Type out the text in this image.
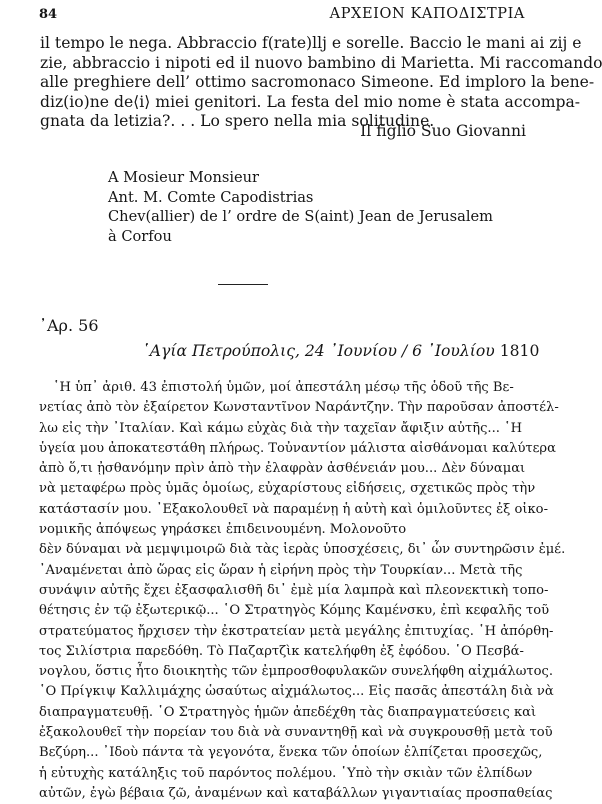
84	ΑΡΧΕΙΟΝ ΚΑΠΟΔΙΣΤΡΙΑ
il tempo le nega. Abbraccio f(rate)llj e sorelle. Baccio le mani ai zij e
zie, abbraccio i nipoti ed il nuovo bambino di Marietta. Mi raccomando
alle preghiere dell’ ottimo sacromonaco Simeone. Ed imploro la bene-
diz(io)ne de⟨i⟩ miei genitori. La festa del mio nome è stata accompa-
gnata da letizia?. . . Lo spero nella mia solitudine.
Il figlio Suo Giovanni
A Mosieur Monsieur
Ant. M. Comte Capodistrias
Chev(allier) de l’ ordre de S(aint) Jean de Jerusalem
à Corfou
᾿Αρ. 56
῾Αγία Πετρούπολις, 24 ᾿Ιουνίου / 6 ᾿Ιουλίου 1810
῾Η ὑπ᾿ ἀριθ. 43 ἐπιστολή ὑμῶν, μοί ἀπεστάλη μέσῳ τῆς ὁδοῦ τῆς Βε-
νετίας ἀπὸ τὸν ἐξαίρετον Κωνσταντῖνον Ναράντζην. Τὴν παροῦσαν ἀποστέλ-
λω εἰς τὴν ᾿Ιταλίαν. Καὶ κάμω εὐχὰς διὰ τὴν ταχεῖαν ἄφιξιν αὐτῆς... ῾Η
ὑγεία μου ἀποκατεστάθη πλήρως. Τοὐναντίον μάλιστα αἰσθάνομαι καλύτερα
ἀπὸ ὅ,τι ᾐσθανόμην πρὶν ἀπὸ τὴν ἐλαφρὰν ἀσθένειάν μου... Δὲν δύναμαι
νὰ μεταφέρω πρὸς ὑμᾶς ὁμοίως, εὐχαρίστους εἰδήσεις, σχετικῶς πρὸς τὴν
κατάστασίν μου. ᾿Εξακολουθεῖ νὰ παραμένῃ ἡ αὐτὴ καὶ ὁμιλοῦντες ἐξ οἰκο-
νομικῆς ἀπόψεως γηράσκει ἐπιδεινουμένη. Μολονοῦτο
δὲν δύναμαι νὰ μεμψιμοιρῶ διὰ τὰς ἱερὰς ὑποσχέσεις, δι᾿ ὧν συντηρῶσιν ἐμέ.
᾿Αναμένεται ἀπὸ ὥρας εἰς ὥραν ἡ εἰρήνη πρὸς τὴν Τουρκίαν... Μετὰ τῆς
συνάψιν αὐτῆς ἔχει ἐξασφαλισθῆ δι᾿ ἐμὲ μία λαμπρὰ καὶ πλεονεκτικὴ τοπο-
θέτησις ἐν τῷ ἐξωτερικῷ... ῾Ο Στρατηγὸς Κόμης Καμένσκυ, ἐπὶ κεφαλῆς τοῦ
στρατεύματος ἤρχισεν τὴν ἐκστρατείαν μετὰ μεγάλης ἐπιτυχίας. ῾Η ἀπόρθη-
τος Σιλίστρια παρεδόθη. Τὸ Παζαρτζὶκ κατελήφθη ἐξ ἐφόδου. ῾Ο Πεσβά-
νογλου, ὅστις ἦτο διοικητὴς τῶν ἐμπροσθοφυλακῶν συνελήφθη αἰχμάλωτος.
῾Ο Πρίγκιψ Καλλιμάχης ὡσαύτως αἰχμάλωτος... Εἰς πασᾶς ἀπεστάλη διὰ νὰ
διαπραγματευθῇ. ῾Ο Στρατηγὸς ἡμῶν ἀπεδέχθη τὰς διαπραγματεύσεις καὶ
ἐξακολουθεῖ τὴν πορείαν του διὰ νὰ συναντηθῇ καὶ νὰ συγκρουσθῇ μετὰ τοῦ
Βεζύρη... ᾿Ιδοὺ πάντα τὰ γεγονότα, ἕνεκα τῶν ὁποίων ἐλπίζεται προσεχῶς,
ἡ εὐτυχὴς κατάληξις τοῦ παρόντος πολέμου. ῾Υπὸ τὴν σκιὰν τῶν ἐλπίδων
αὐτῶν, ἐγὼ βέβαια ζῶ, ἀναμένων καὶ καταβάλλων γιγαντιαίας προσπαθείας
